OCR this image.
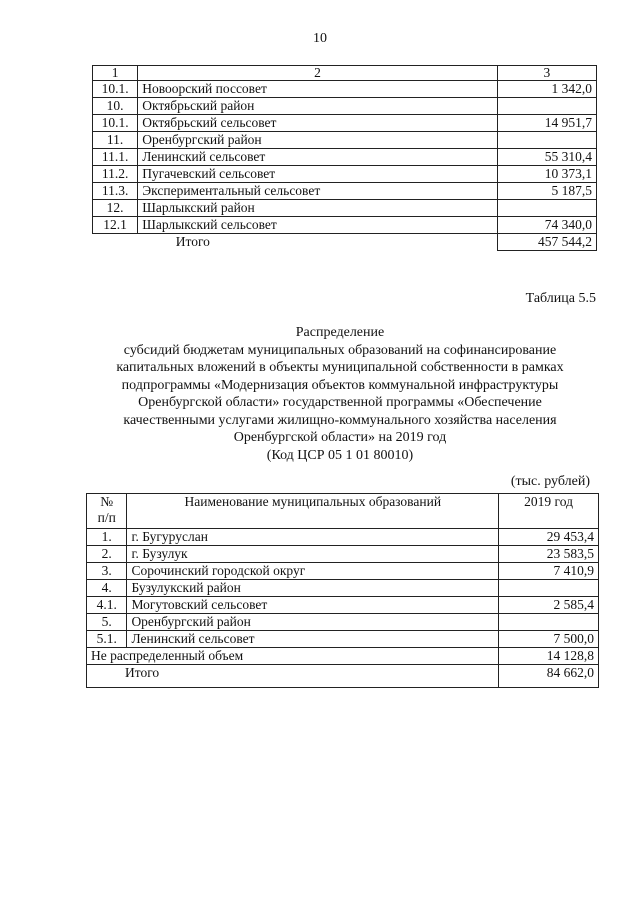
10
1	2	3
10.1.	Новоорский поссовет	1 342,0
10.	Октябрьский район	
10.1.	Октябрьский сельсовет	14 951,7
11.	Оренбургский район	
11.1.	Ленинский сельсовет	55 310,4
11.2.	Пугачевский сельсовет	10 373,1
11.3.	Экспериментальный сельсовет	5 187,5
12.	Шарлыкский район	
12.1	Шарлыкский сельсовет	74 340,0
	Итого	457 544,2
Таблица 5.5
Распределение
субсидий бюджетам муниципальных образований на софинансирование
капитальных вложений в объекты муниципальной собственности в рамках
подпрограммы «Модернизация объектов коммунальной инфраструктуры
Оренбургской области» государственной программы «Обеспечение
качественными услугами жилищно-коммунального хозяйства населения
Оренбургской области» на 2019 год
(Код ЦСР 05 1 01 80010)
(тыс. рублей)
№
п/п	Наименование муниципальных образований	2019 год
1.	г. Бугуруслан	29 453,4
2.	г. Бузулук	23 583,5
3.	Сорочинский городской округ	7 410,9
4.	Бузулукский район	
4.1.	Могутовский сельсовет	2 585,4
5.	Оренбургский район	
5.1.	Ленинский сельсовет	7 500,0
Не распределенный объем		14 128,8
Итого		84 662,0
